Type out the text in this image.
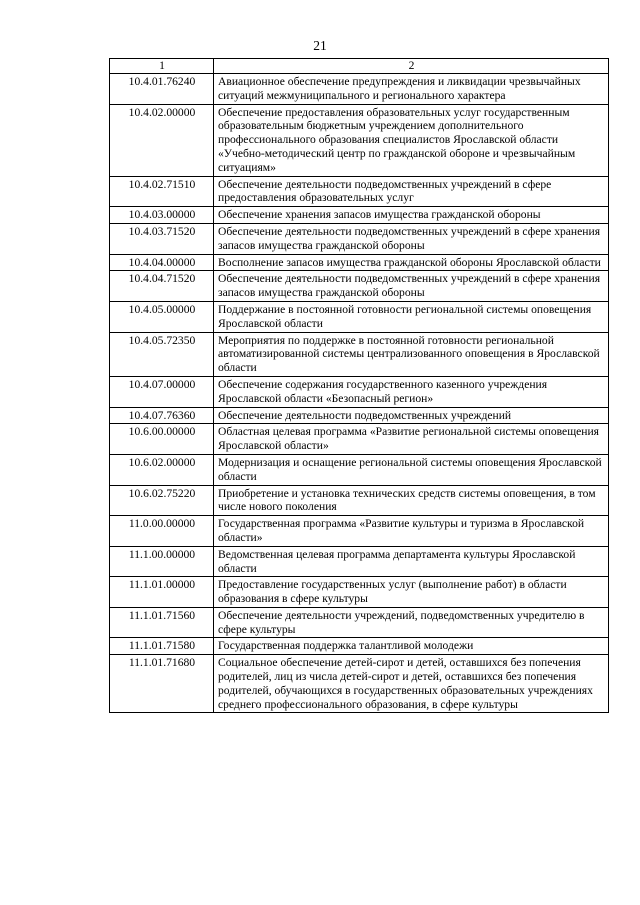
21
1	2
10.4.01.76240	Авиационное обеспечение предупреждения и ликвидации чрезвычайных ситуаций межмуниципального и регионального характера
10.4.02.00000	Обеспечение предоставления образовательных услуг государственным образовательным бюджетным учреждением дополнительного профессионального образования специалистов Ярославской области «Учебно-методический центр по гражданской обороне и чрезвычайным ситуациям»
10.4.02.71510	Обеспечение деятельности подведомственных учреждений в сфере предоставления образовательных услуг
10.4.03.00000	Обеспечение хранения запасов имущества гражданской обороны
10.4.03.71520	Обеспечение деятельности подведомственных учреждений в сфере хранения запасов имущества гражданской обороны
10.4.04.00000	Восполнение запасов имущества гражданской обороны Ярославской области
10.4.04.71520	Обеспечение деятельности подведомственных учреждений в сфере хранения запасов имущества гражданской обороны
10.4.05.00000	Поддержание в постоянной готовности региональной системы оповещения Ярославской области
10.4.05.72350	Мероприятия по поддержке в постоянной готовности региональной автоматизированной системы централизованного оповещения в Ярославской области
10.4.07.00000	Обеспечение содержания государственного казенного учреждения Ярославской области «Безопасный регион»
10.4.07.76360	Обеспечение деятельности подведомственных учреждений
10.6.00.00000	Областная целевая программа «Развитие региональной системы оповещения Ярославской области»
10.6.02.00000	Модернизация и оснащение региональной системы оповещения Ярославской области
10.6.02.75220	Приобретение и установка технических средств системы оповещения, в том числе нового поколения
11.0.00.00000	Государственная программа «Развитие культуры и туризма в Ярославской области»
11.1.00.00000	Ведомственная целевая программа департамента культуры Ярославской области
11.1.01.00000	Предоставление государственных услуг (выполнение работ) в области образования в сфере культуры
11.1.01.71560	Обеспечение деятельности учреждений, подведомственных учредителю в сфере культуры
11.1.01.71580	Государственная поддержка талантливой молодежи
11.1.01.71680	Социальное обеспечение детей-сирот и детей, оставшихся без попечения родителей, лиц из числа детей-сирот и детей, оставшихся без попечения родителей, обучающихся в государственных образовательных учреждениях среднего профессионального образования, в сфере культуры
